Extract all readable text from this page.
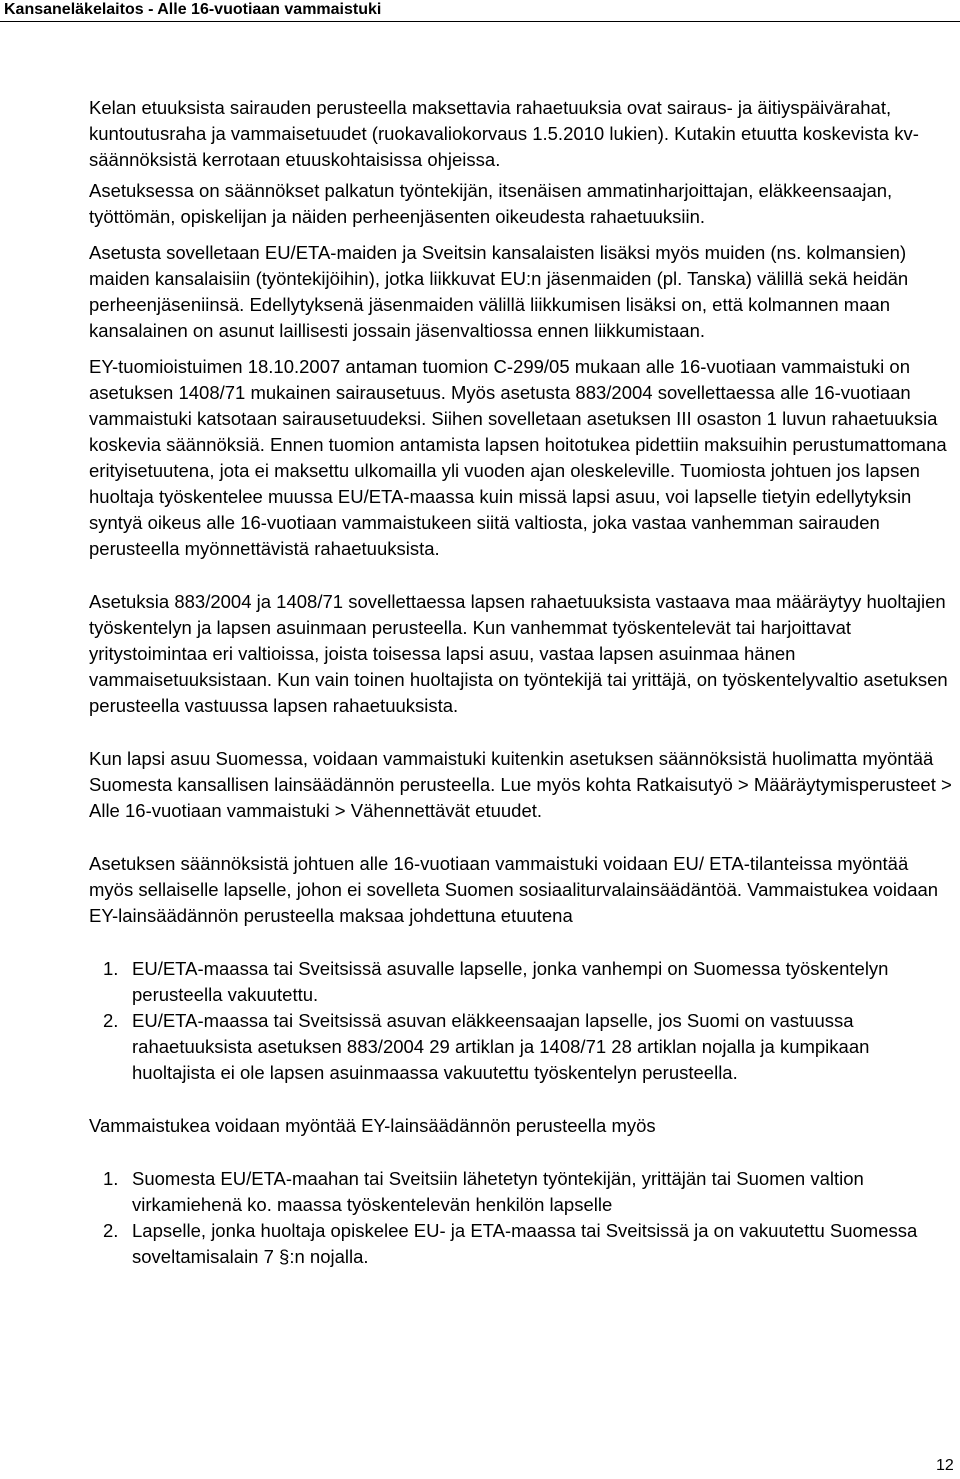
Kansaneläkelaitos - Alle 16-vuotiaan vammaistuki

Kelan etuuksista sairauden perusteella maksettavia rahaetuuksia ovat sairaus- ja äitiyspäivärahat, kuntoutusraha ja vammaisetuudet (ruokavaliokorvaus 1.5.2010 lukien). Kutakin etuutta koskevista kv-säännöksistä kerrotaan etuuskohtaisissa ohjeissa.

Asetuksessa on säännökset palkatun työntekijän, itsenäisen ammatinharjoittajan, eläkkeensaajan, työttömän, opiskelijan ja näiden perheenjäsenten oikeudesta rahaetuuksiin.

Asetusta sovelletaan EU/ETA-maiden ja Sveitsin kansalaisten lisäksi myös muiden (ns. kolmansien) maiden kansalaisiin (työntekijöihin), jotka liikkuvat EU:n jäsenmaiden (pl. Tanska) välillä sekä heidän perheenjäseniinsä. Edellytyksenä jäsenmaiden välillä liikkumisen lisäksi on, että kolmannen maan kansalainen on asunut laillisesti jossain jäsenvaltiossa ennen liikkumistaan.

EY-tuomioistuimen 18.10.2007 antaman tuomion C-299/05 mukaan alle 16-vuotiaan vammaistuki on asetuksen 1408/71 mukainen sairausetuus. Myös asetusta 883/2004 sovellettaessa alle 16-vuotiaan vammaistuki katsotaan sairausetuudeksi. Siihen sovelletaan asetuksen III osaston 1 luvun rahaetuuksia koskevia säännöksiä. Ennen tuomion antamista lapsen hoitotukea pidettiin maksuihin perustumattomana erityisetuutena, jota ei maksettu ulkomailla yli vuoden ajan oleskeleville. Tuomiosta johtuen jos lapsen huoltaja työskentelee muussa EU/ETA-maassa kuin missä lapsi asuu, voi lapselle tietyin edellytyksin syntyä oikeus alle 16-vuotiaan vammaistukeen siitä valtiosta, joka vastaa vanhemman sairauden perusteella myönnettävistä rahaetuuksista.

Asetuksia 883/2004 ja 1408/71 sovellettaessa lapsen rahaetuuksista vastaava maa määräytyy huoltajien työskentelyn ja lapsen asuinmaan perusteella. Kun vanhemmat työskentelevät tai harjoittavat yritystoimintaa eri valtioissa, joista toisessa lapsi asuu, vastaa lapsen asuinmaa hänen vammaisetuuksistaan. Kun vain toinen huoltajista on työntekijä tai yrittäjä, on työskentelyvaltio asetuksen perusteella vastuussa lapsen rahaetuuksista.

Kun lapsi asuu Suomessa, voidaan vammaistuki kuitenkin asetuksen säännöksistä huolimatta myöntää Suomesta kansallisen lainsäädännön perusteella. Lue myös kohta Ratkaisutyö > Määräytymisperusteet > Alle 16-vuotiaan vammaistuki > Vähennettävät etuudet.

Asetuksen säännöksistä johtuen alle 16-vuotiaan vammaistuki voidaan EU/ ETA-tilanteissa myöntää myös sellaiselle lapselle, johon ei sovelleta Suomen sosiaaliturvalainsäädäntöä. Vammaistukea voidaan EY-lainsäädännön perusteella maksaa johdettuna etuutena

1. EU/ETA-maassa tai Sveitsissä asuvalle lapselle, jonka vanhempi on Suomessa työskentelyn perusteella vakuutettu.
2. EU/ETA-maassa tai Sveitsissä asuvan eläkkeensaajan lapselle, jos Suomi on vastuussa rahaetuuksista asetuksen 883/2004 29 artiklan ja 1408/71 28 artiklan nojalla ja kumpikaan huoltajista ei ole lapsen asuinmaassa vakuutettu työskentelyn perusteella.

Vammaistukea voidaan myöntää EY-lainsäädännön perusteella myös

1. Suomesta EU/ETA-maahan tai Sveitsiin lähetetyn työntekijän, yrittäjän tai Suomen valtion virkamiehenä ko. maassa työskentelevän henkilön lapselle
2. Lapselle, jonka huoltaja opiskelee EU- ja ETA-maassa tai Sveitsissä ja on vakuutettu Suomessa soveltamisalain 7 §:n nojalla.
12
